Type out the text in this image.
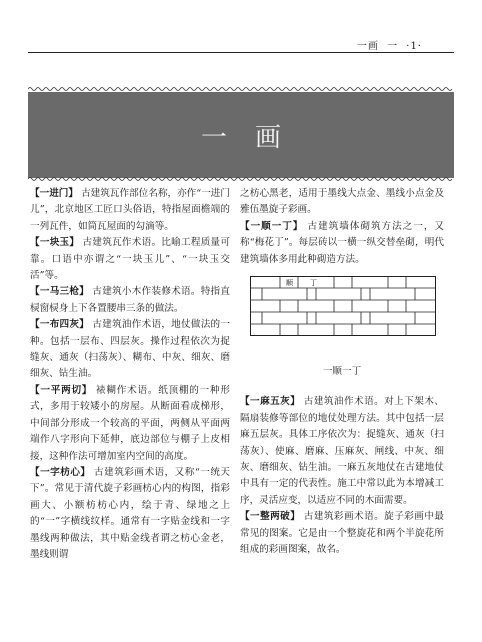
一画 一 ·1·
一画

【一进门】 古建筑瓦作部位名称，亦作“一进门儿”，北京地区工匠口头俗语，特指屋面檐端的一列瓦件，如筒瓦屋面的勾滴等。

【一块玉】 古建筑瓦作术语。比喻工程质量可靠。口语中亦谓之“一块玉儿”、“一块玉交活”等。

【一马三枪】 古建筑小木作装修术语。特指直棂窗棂身上下各置腰串三条的做法。

【一布四灰】 古建筑油作术语，地仗做法的一种。包括一层布、四层灰。操作过程依次为捉缝灰、通灰（扫荡灰）、糊布、中灰、细灰、磨细灰、钻生油。

【一平两切】 裱糊作术语。纸顶棚的一种形式，多用于较矮小的房屋。从断面看成梯形，中间部分形成一个较高的平面，两侧从平面两端作八字形向下延伸，底边部位与棚子上皮相接，这种作法可增加室内空间的高度。

【一字枋心】 古建筑彩画术语，又称“一统天下”。常见于清代旋子彩画枋心内的构图，指彩画大、小额枋枋心内，绘于青、绿地之上的“一”字横线纹样。通常有一字贴金线和一字墨线两种做法，其中贴金线者谓之枋心金老，墨线则谓

之枋心黑老，适用于墨线大点金、墨线小点金及雅伍墨旋子彩画。

【一顺一丁】 古建筑墙体砌筑方法之一，又称“梅花丁”。每层砖以一横一纵交替垒砌，明代建筑墙体多用此种砌造方法。

顺 丁
一顺一丁

【一麻五灰】 古建筑油作术语。对上下架木、隔扇装修等部位的地仗处理方法。其中包括一层麻五层灰。具体工序依次为：捉缝灰、通灰（扫荡灰）、使麻、磨麻、压麻灰、闸线、中灰、细灰、磨细灰、钻生油。一麻五灰地仗在古建地仗中具有一定的代表性。施工中常以此为本增减工序，灵活应变，以适应不同的木面需要。

【一整两破】 古建筑彩画术语。旋子彩画中最常见的图案。它是由一个整旋花和两个半旋花所组成的彩画图案，故名。
